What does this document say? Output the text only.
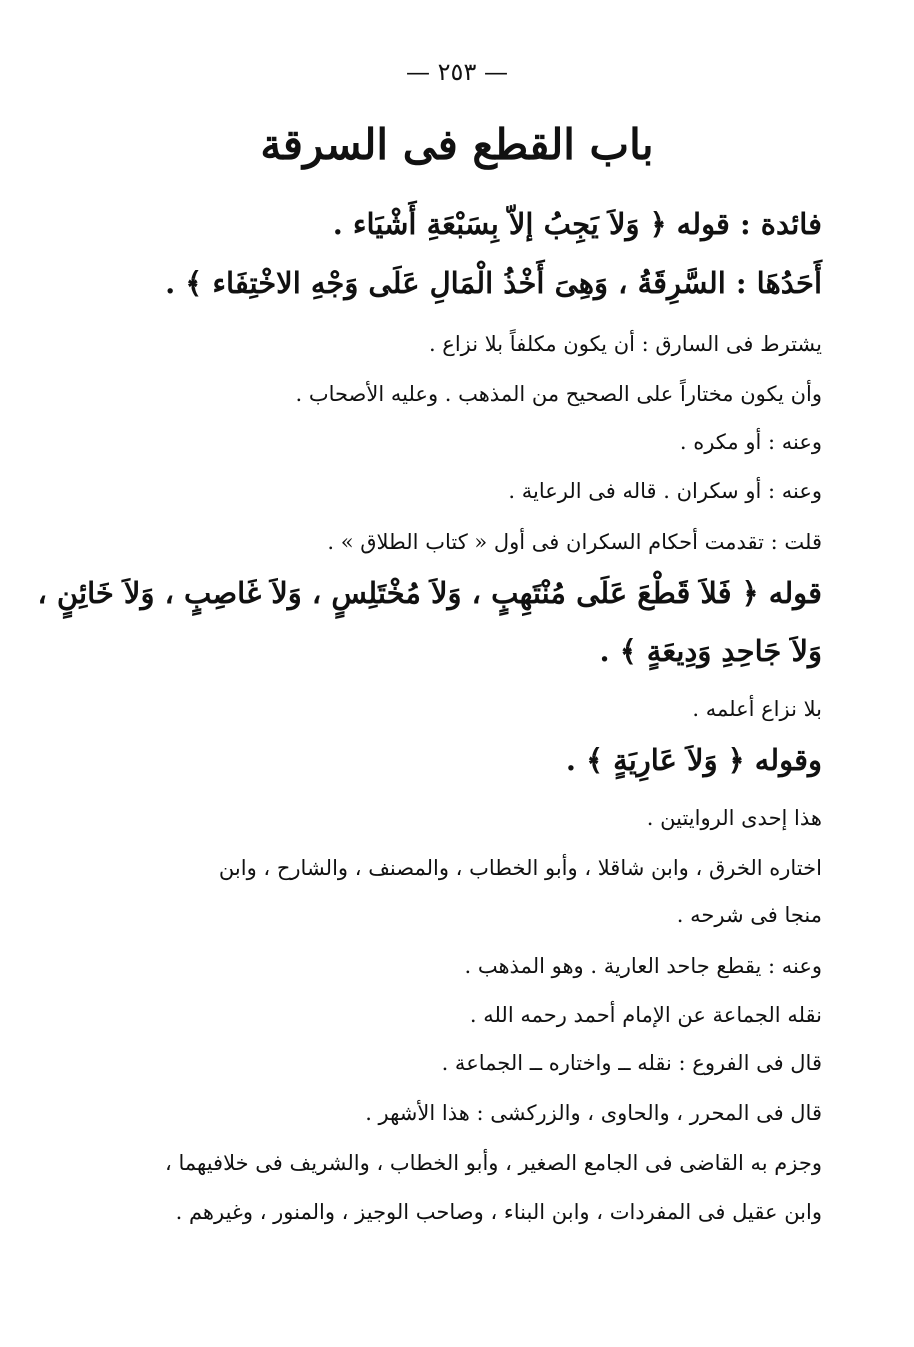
— ٢٥٣ —
باب القطع فى السرقة
فائدة : قوله ﴿ وَلاَ يَجِبُ إلاّ بِسَبْعَةِ أَشْيَاء .
أَحَدُهَا : السَّرِقَةُ ، وَهِىَ أَخْذُ الْمَالِ عَلَى وَجْهِ الاخْتِفَاء ﴾ .
يشترط فى السارق : أن يكون مكلفاً بلا نزاع .
وأن يكون مختاراً على الصحيح من المذهب . وعليه الأصحاب .
وعنه : أو مكره .
وعنه : أو سكران . قاله فى الرعاية .
قلت : تقدمت أحكام السكران فى أول « كتاب الطلاق » .
قوله ﴿ فَلاَ قَطْعَ عَلَى مُنْتَهِبٍ ، وَلاَ مُخْتَلِسٍ ، وَلاَ غَاصِبٍ ، وَلاَ خَائِنٍ ،
وَلاَ جَاحِدِ وَدِيعَةٍ ﴾ .
بلا نزاع أعلمه .
وقوله ﴿ وَلاَ عَارِيَةٍ ﴾ .
هذا إحدى الروايتين .
اختاره الخرق ، وابن شاقلا ، وأبو الخطاب ، والمصنف ، والشارح ، وابن
منجا فى شرحه .
وعنه : يقطع جاحد العارية . وهو المذهب .
نقله الجماعة عن الإمام أحمد رحمه الله .
قال فى الفروع : نقله ــ واختاره ــ الجماعة .
قال فى المحرر ، والحاوى ، والزركشى : هذا الأشهر .
وجزم به القاضى فى الجامع الصغير ، وأبو الخطاب ، والشريف فى خلافيهما ،
وابن عقيل فى المفردات ، وابن البناء ، وصاحب الوجيز ، والمنور ، وغيرهم .
